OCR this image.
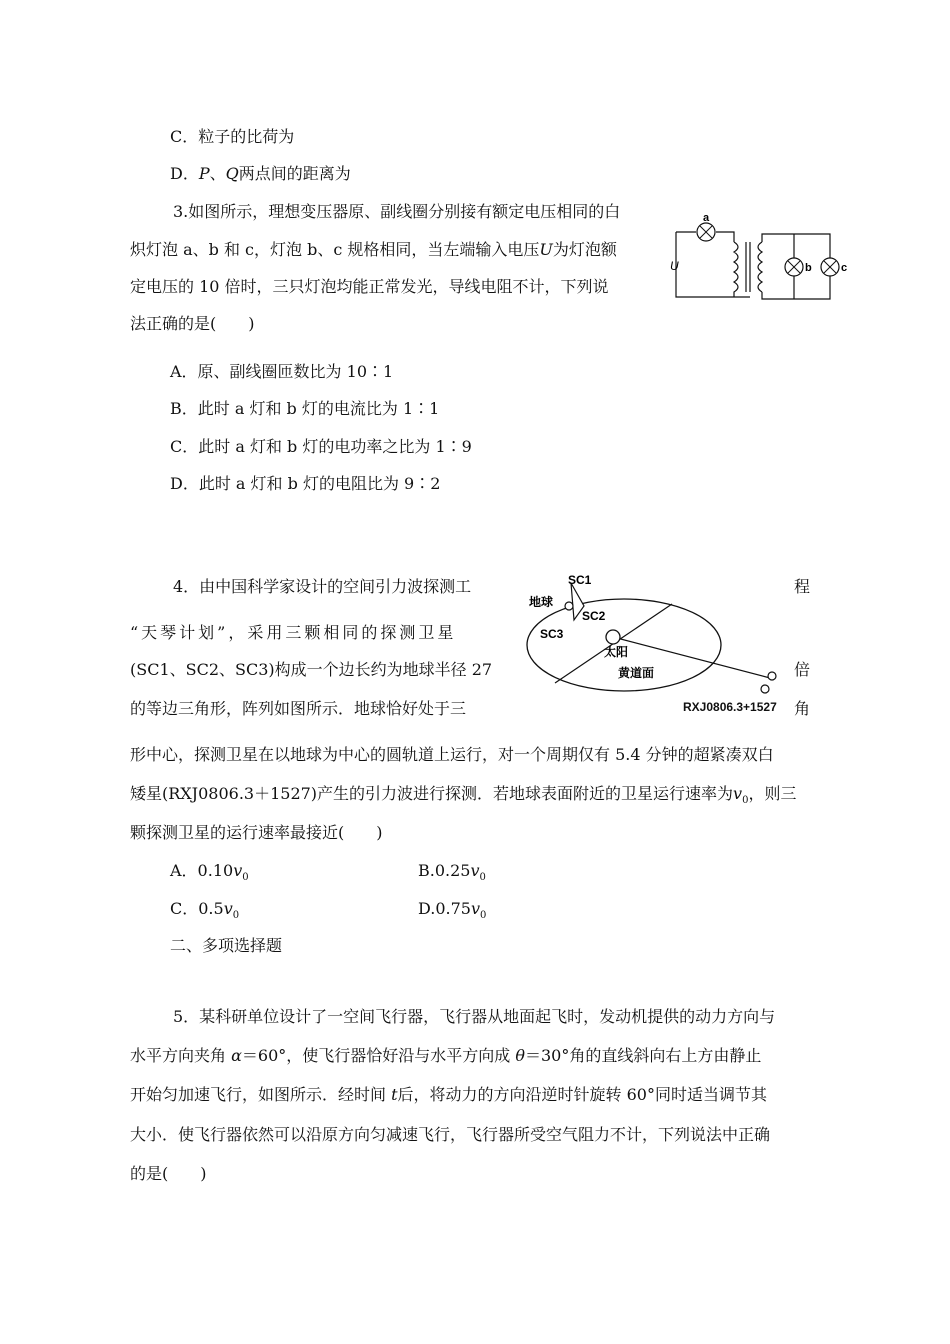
C．粒子的比荷为
D．P、Q两点间的距离为
3.如图所示，理想变压器原、副线圈分别接有额定电压相同的白
炽灯泡 a、b 和 c，灯泡 b、c 规格相同，当左端输入电压U为灯泡额
定电压的 10 倍时，三只灯泡均能正常发光，导线电阻不计，下列说
法正确的是(　　)
a
b	c
U
A．原、副线圈匝数比为 10∶1
B．此时 a 灯和 b 灯的电流比为 1∶1
C．此时 a 灯和 b 灯的电功率之比为 1∶9
D．此时 a 灯和 b 灯的电阻比为 9∶2
4．由中国科学家设计的空间引力波探测工	程
“天琴计划”，采用三颗相同的探测卫星
(SC1、SC2、SC3)构成一个边长约为地球半径 27	倍
的等边三角形，阵列如图所示．地球恰好处于三	角
SC1
地球
SC2
SC3
太阳
黄道面
RXJ0806.3+1527
形中心，探测卫星在以地球为中心的圆轨道上运行，对一个周期仅有 5.4 分钟的超紧凑双白
矮星(RXJ0806.3＋1527)产生的引力波进行探测．若地球表面附近的卫星运行速率为$v_0$，则三
颗探测卫星的运行速率最接近(　　)
A．$0.10v_0$	$B.0.25v_0$
C．$0.5v_0$	$D.0.75v_0$
二、多项选择题
5．某科研单位设计了一空间飞行器，飞行器从地面起飞时，发动机提供的动力方向与
水平方向夹角 α＝60°，使飞行器恰好沿与水平方向成 θ＝30°角的直线斜向右上方由静止
开始匀加速飞行，如图所示．经时间 t后，将动力的方向沿逆时针旋转 60°同时适当调节其
大小．使飞行器依然可以沿原方向匀减速飞行，飞行器所受空气阻力不计，下列说法中正确
的是(　　)
